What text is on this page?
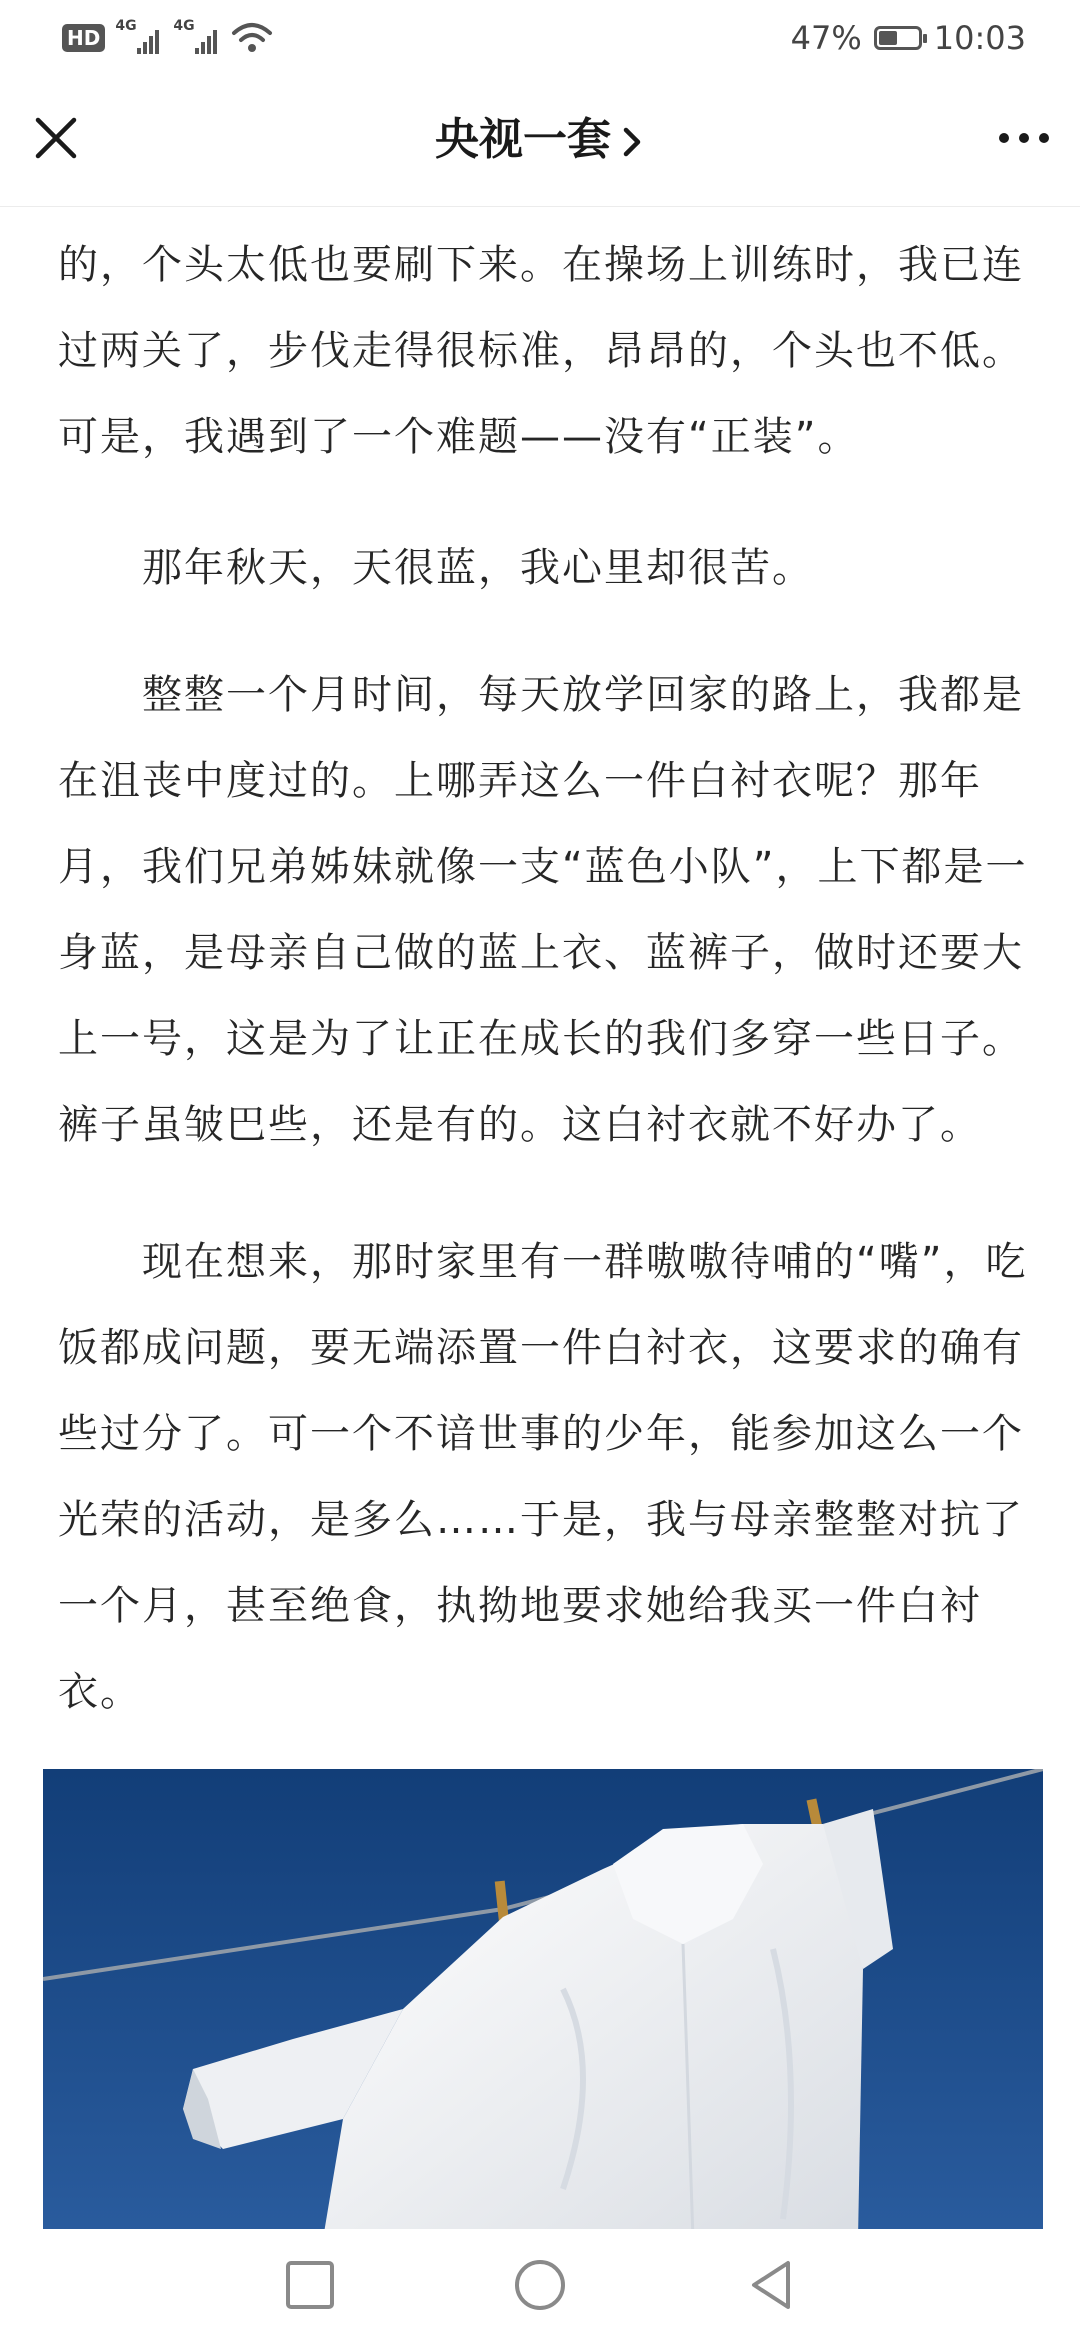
HD	4G	4G	47% 10:03
央视一套

的，个头太低也要刷下来。在操场上训练时，我已连过两关了，步伐走得很标准，昂昂的，个头也不低。可是，我遇到了一个难题——没有“正装”。

那年秋天，天很蓝，我心里却很苦。

整整一个月时间，每天放学回家的路上，我都是在沮丧中度过的。上哪弄这么一件白衬衣呢？那年月，我们兄弟姊妹就像一支“蓝色小队”，上下都是一身蓝，是母亲自己做的蓝上衣、蓝裤子，做时还要大上一号，这是为了让正在成长的我们多穿一些日子。裤子虽皱巴些，还是有的。这白衬衣就不好办了。

现在想来，那时家里有一群嗷嗷待哺的“嘴”，吃饭都成问题，要无端添置一件白衬衣，这要求的确有些过分了。可一个不谙世事的少年，能参加这么一个光荣的活动，是多么……于是，我与母亲整整对抗了一个月，甚至绝食，执拗地要求她给我买一件白衬衣。
